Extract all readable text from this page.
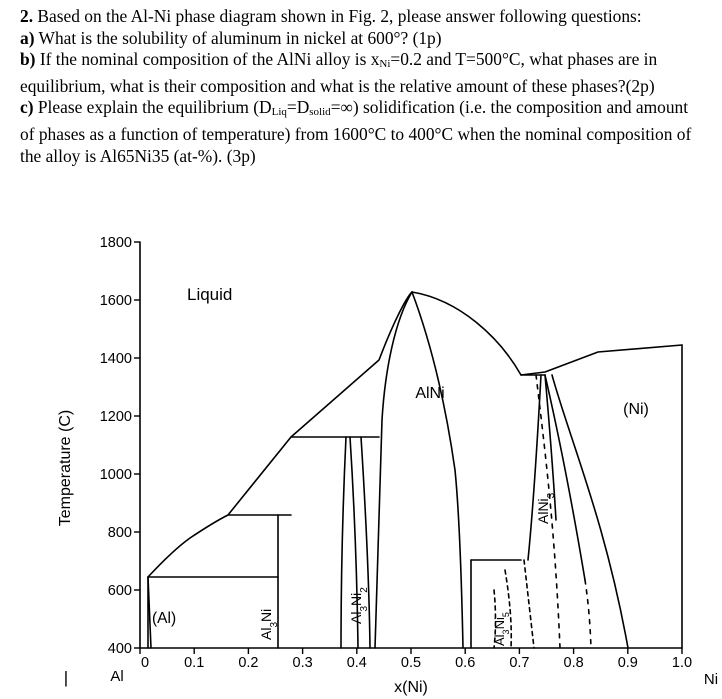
2. Based on the Al-Ni phase diagram shown in Fig. 2, please answer following questions:

a) What is the solubility of aluminum in nickel at 600°? (1p)

b) If the nominal composition of the AlNi alloy is xNi=0.2 and T=500°C, what phases are in equilibrium, what is their composition and what is the relative amount of these phases?(2p)

c) Please explain the equilibrium (DLiq=Dsolid=∞) solidification (i.e. the composition and amount of phases as a function of temperature) from 1600°C to 400°C when the nominal composition of the alloy is Al65Ni35 (at-%). (3p)

400
600
800
1000
1200
1400
1600
1800
0 0.1 0.2 0.3 0.4 0.5 0.6 0.7 0.8 0.9 1.0
Temperature (C)
x(Ni)
Al	Ni
|
Liquid
(Al)
AlNi
(Ni)
$Al_3Ni$	$Al_3Ni_2$
$Al_3Ni_5$
AlNi$_3$
